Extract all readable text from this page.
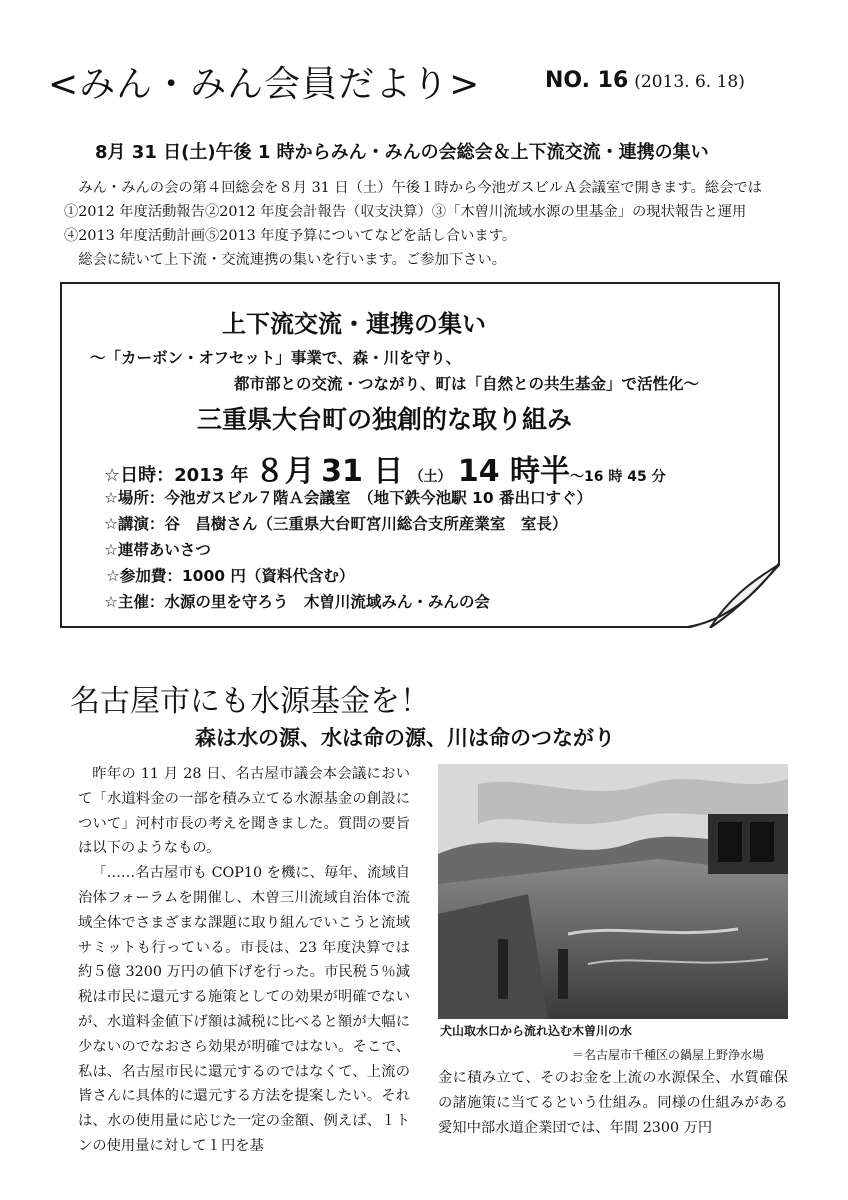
<みん・みん会員だより>	NO. 16 (2013. 6. 18)
8月 31 日(土)午後 1 時からみん・みんの会総会＆上下流交流・連携の集い
みん・みんの会の第４回総会を８月 31 日（土）午後１時から今池ガスビルＡ会議室で開きます。総会では①2012 年度活動報告②2012 年度会計報告（収支決算）③「木曽川流域水源の里基金」の現状報告と運用④2013 年度活動計画⑤2013 年度予算についてなどを話し合います。
総会に続いて上下流・交流連携の集いを行います。ご参加下さい。
上下流交流・連携の集い
～「カーボン・オフセット」事業で、森・川を守り、
都市部との交流・つながり、町は「自然との共生基金」で活性化～
三重県大台町の独創的な取り組み
☆日時：2013 年 ８月 31 日 （土） 14 時半～16 時 45 分
☆場所：今池ガスビル７階Ａ会議室　（地下鉄今池駅 10 番出口すぐ）
☆講演：谷　昌樹さん（三重県大台町宮川総合支所産業室　室長）
☆連帯あいさつ
☆参加費：1000 円（資料代含む）
☆主催：水源の里を守ろう　木曽川流域みん・みんの会
名古屋市にも水源基金を！
森は水の源、水は命の源、川は命のつながり

昨年の 11 月 28 日、名古屋市議会本会議において「水道料金の一部を積み立てる水源基金の創設について」河村市長の考えを聞きました。質問の要旨は以下のようなもの。

「……名古屋市も COP10 を機に、毎年、流域自治体フォーラムを開催し、木曽三川流域自治体で流域全体でさまざまな課題に取り組んでいこうと流域サミットも行っている。市長は、23 年度決算では約５億 3200 万円の値下げを行った。市民税５％減税は市民に還元する施策としての効果が明確でないが、水道料金値下げ額は減税に比べると額が大幅に少ないのでなおさら効果が明確ではない。そこで、私は、名古屋市民に還元するのではなくて、上流の皆さんに具体的に還元する方法を提案したい。それは、水の使用量に応じた一定の金額、例えば、１トンの使用量に対して１円を基

犬山取水口から流れ込む木曽川の水
＝名古屋市千種区の鍋屋上野浄水場
金に積み立て、そのお金を上流の水源保全、水質確保の諸施策に当てるという仕組み。同様の仕組みがある愛知中部水道企業団では、年間 2300 万円
